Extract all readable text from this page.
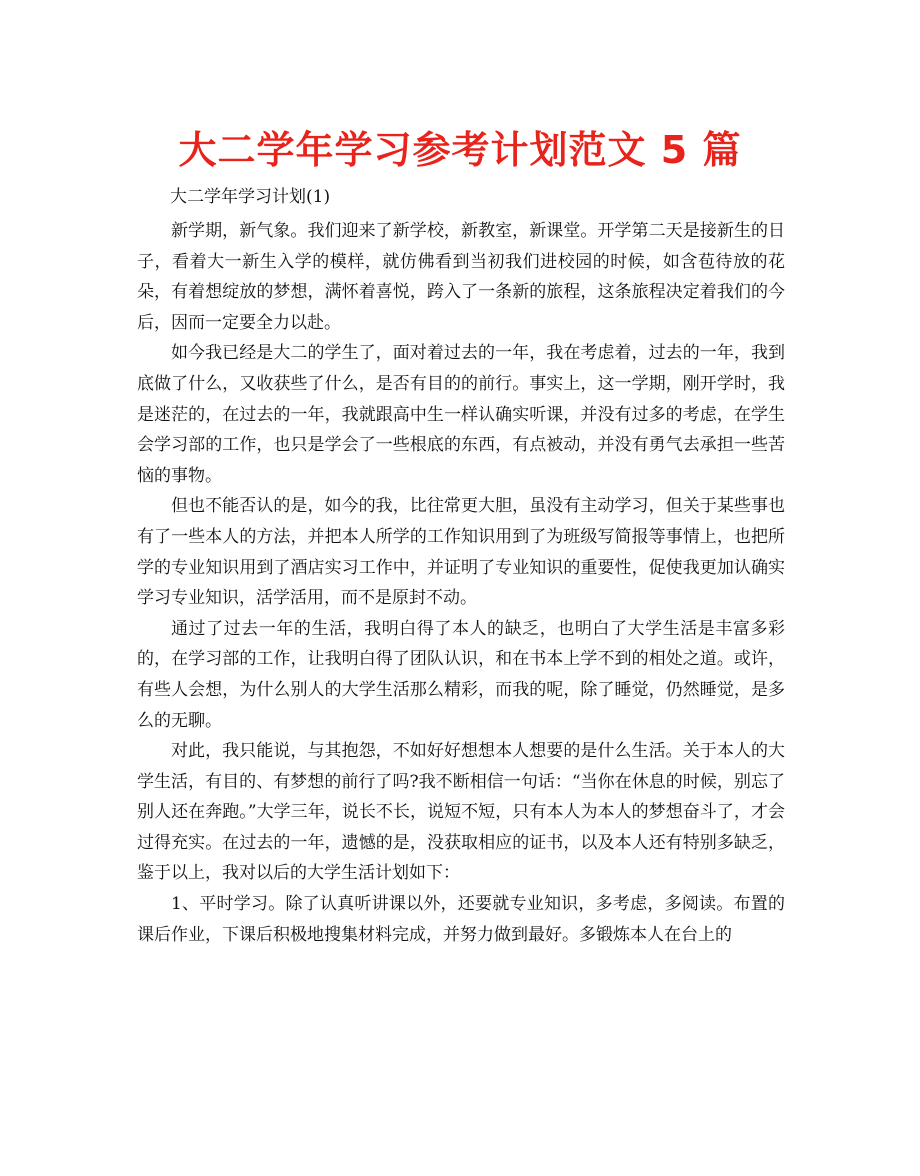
大二学年学习参考计划范文 5 篇
大二学年学习计划(1)

新学期，新气象。我们迎来了新学校，新教室，新课堂。开学第二天是接新生的日子，看着大一新生入学的模样，就仿佛看到当初我们进校园的时候，如含苞待放的花朵，有着想绽放的梦想，满怀着喜悦，跨入了一条新的旅程，这条旅程决定着我们的今后，因而一定要全力以赴。

如今我已经是大二的学生了，面对着过去的一年，我在考虑着，过去的一年，我到底做了什么，又收获些了什么，是否有目的的前行。事实上，这一学期，刚开学时，我是迷茫的，在过去的一年，我就跟高中生一样认确实听课，并没有过多的考虑，在学生会学习部的工作，也只是学会了一些根底的东西，有点被动，并没有勇气去承担一些苦恼的事物。

但也不能否认的是，如今的我，比往常更大胆，虽没有主动学习，但关于某些事也有了一些本人的方法，并把本人所学的工作知识用到了为班级写简报等事情上，也把所学的专业知识用到了酒店实习工作中，并证明了专业知识的重要性，促使我更加认确实学习专业知识，活学活用，而不是原封不动。

通过了过去一年的生活，我明白得了本人的缺乏，也明白了大学生活是丰富多彩的，在学习部的工作，让我明白得了团队认识，和在书本上学不到的相处之道。或许，有些人会想，为什么别人的大学生活那么精彩，而我的呢，除了睡觉，仍然睡觉，是多么的无聊。

对此，我只能说，与其抱怨，不如好好想想本人想要的是什么生活。关于本人的大学生活，有目的、有梦想的前行了吗?我不断相信一句话：“当你在休息的时候，别忘了别人还在奔跑。”大学三年，说长不长，说短不短，只有本人为本人的梦想奋斗了，才会过得充实。在过去的一年，遗憾的是，没获取相应的证书，以及本人还有特别多缺乏，鉴于以上，我对以后的大学生活计划如下：

1、平时学习。除了认真听讲课以外，还要就专业知识，多考虑，多阅读。布置的课后作业，下课后积极地搜集材料完成，并努力做到最好。多锻炼本人在台上的
